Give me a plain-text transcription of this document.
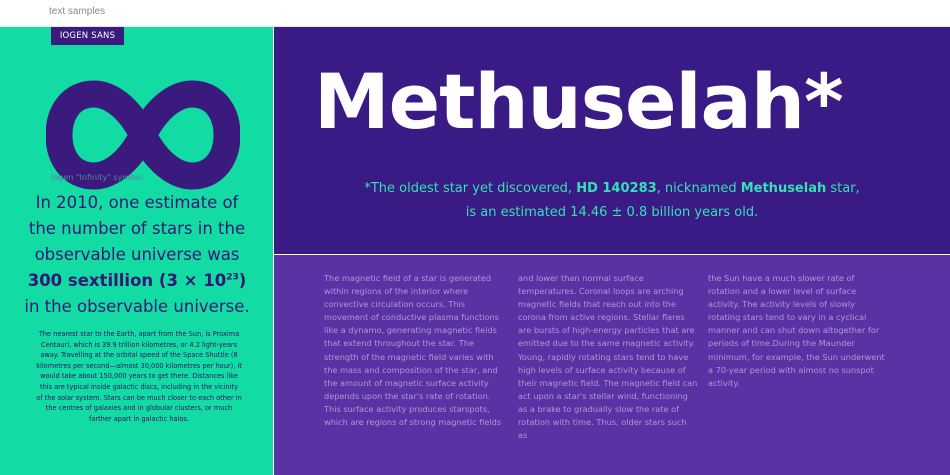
text samples
IOGEN SANS
Iogen "Infinity" symbol
In 2010, one estimate of
the number of stars in the
observable universe was
300 sextillion $(3 \times 10^{23})$
in the observable universe.
The nearest star to the Earth, apart from the Sun, is Proxima Centauri, which is 39.9 trillion kilometres, or 4.2 light-years away. Travelling at the orbital speed of the Space Shuttle (8 kilometres per second—almost 30,000 kilometres per hour), it would take about 150,000 years to get there. Distances like this are typical inside galactic discs, including in the vicinity of the solar system. Stars can be much closer to each other in the centres of galaxies and in globular clusters, or much farther apart in galactic halos.
Methuselah*
*The oldest star yet discovered, HD 140283, nicknamed Methuselah star,
is an estimated 14.46 ± 0.8 billion years old.
The magnetic field of a star is generated within regions of the interior where convective circulation occurs. This movement of conductive plasma functions like a dynamo, generating magnetic fields that extend throughout the star. The strength of the magnetic field varies with the mass and composition of the star, and the amount of magnetic surface activity depends upon the star's rate of rotation. This surface activity produces starspots, which are regions of strong magnetic fields
and lower than normal surface temperatures. Coronal loops are arching magnetic fields that reach out into the corona from active regions. Stellar flares are bursts of high-energy particles that are emitted due to the same magnetic activity. Young, rapidly rotating stars tend to have high levels of surface activity because of their magnetic field. The magnetic field can act upon a star's stellar wind, functioning as a brake to gradually slow the rate of rotation with time. Thus, older stars such as
the Sun have a much slower rate of rotation and a lower level of surface activity. The activity levels of slowly rotating stars tend to vary in a cyclical manner and can shut down altogether for periods of time.During the Maunder minimum, for example, the Sun underwent a 70-year period with almost no sunspot activity.
